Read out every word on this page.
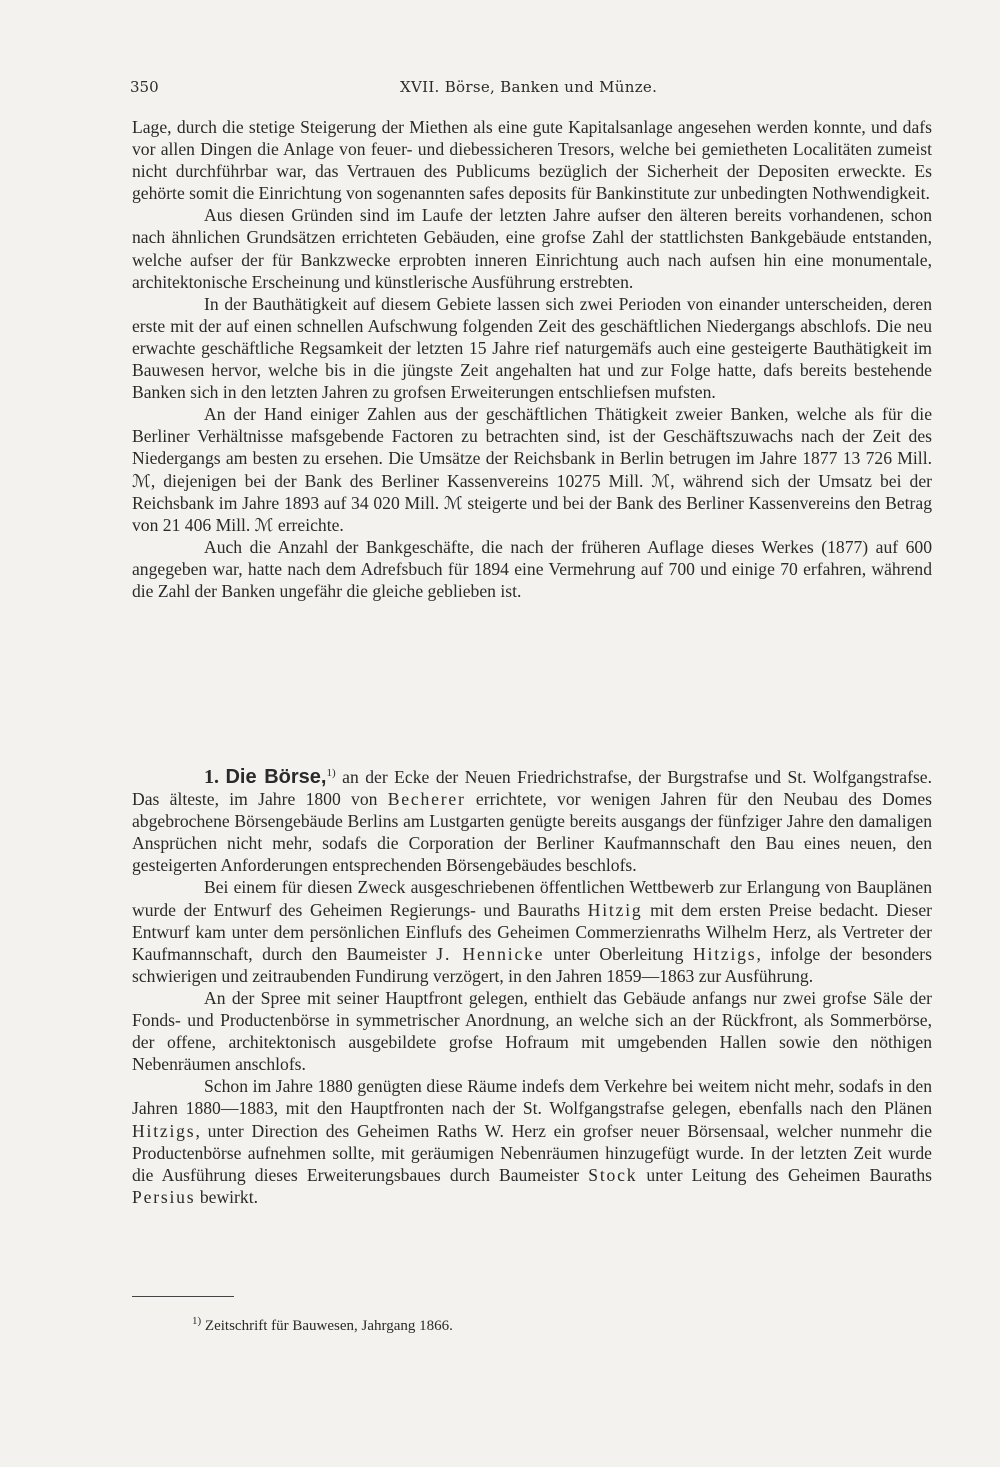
350	XVII. Börse, Banken und Münze.

Lage, durch die stetige Steigerung der Miethen als eine gute Kapitalsanlage angesehen werden konnte, und dafs vor allen Dingen die Anlage von feuer- und diebessicheren Tresors, welche bei gemietheten Localitäten zumeist nicht durchführbar war, das Vertrauen des Publicums bezüglich der Sicherheit der Depositen erweckte. Es gehörte somit die Einrichtung von sogenannten safes deposits für Bankinstitute zur unbedingten Nothwendigkeit.

Aus diesen Gründen sind im Laufe der letzten Jahre aufser den älteren bereits vorhandenen, schon nach ähnlichen Grundsätzen errichteten Gebäuden, eine grofse Zahl der stattlichsten Bankgebäude entstanden, welche aufser der für Bankzwecke erprobten inneren Einrichtung auch nach aufsen hin eine monumentale, architektonische Erscheinung und künstlerische Ausführung erstrebten.

In der Bauthätigkeit auf diesem Gebiete lassen sich zwei Perioden von einander unterscheiden, deren erste mit der auf einen schnellen Aufschwung folgenden Zeit des geschäftlichen Niedergangs abschlofs. Die neu erwachte geschäftliche Regsamkeit der letzten 15 Jahre rief naturgemäfs auch eine gesteigerte Bauthätigkeit im Bauwesen hervor, welche bis in die jüngste Zeit angehalten hat und zur Folge hatte, dafs bereits bestehende Banken sich in den letzten Jahren zu grofsen Erweiterungen entschliefsen mufsten.

An der Hand einiger Zahlen aus der geschäftlichen Thätigkeit zweier Banken, welche als für die Berliner Verhältnisse mafsgebende Factoren zu betrachten sind, ist der Geschäftszuwachs nach der Zeit des Niedergangs am besten zu ersehen. Die Umsätze der Reichsbank in Berlin betrugen im Jahre 1877 13 726 Mill. ℳ, diejenigen bei der Bank des Berliner Kassenvereins 10275 Mill. ℳ, während sich der Umsatz bei der Reichsbank im Jahre 1893 auf 34 020 Mill. ℳ steigerte und bei der Bank des Berliner Kassenvereins den Betrag von 21 406 Mill. ℳ erreichte.

Auch die Anzahl der Bankgeschäfte, die nach der früheren Auflage dieses Werkes (1877) auf 600 angegeben war, hatte nach dem Adrefsbuch für 1894 eine Vermehrung auf 700 und einige 70 erfahren, während die Zahl der Banken ungefähr die gleiche geblieben ist.

1. Die Börse,$^{1)}$ an der Ecke der Neuen Friedrichstrafse, der Burgstrafse und St. Wolfgangstrafse. Das älteste, im Jahre 1800 von Becherer errichtete, vor wenigen Jahren für den Neubau des Domes abgebrochene Börsengebäude Berlins am Lustgarten genügte bereits ausgangs der fünfziger Jahre den damaligen Ansprüchen nicht mehr, sodafs die Corporation der Berliner Kaufmannschaft den Bau eines neuen, den gesteigerten Anforderungen entsprechenden Börsengebäudes beschlofs.

Bei einem für diesen Zweck ausgeschriebenen öffentlichen Wettbewerb zur Erlangung von Bauplänen wurde der Entwurf des Geheimen Regierungs- und Bauraths Hitzig mit dem ersten Preise bedacht. Dieser Entwurf kam unter dem persönlichen Einflufs des Geheimen Commerzienraths Wilhelm Herz, als Vertreter der Kaufmannschaft, durch den Baumeister J. Hennicke unter Oberleitung Hitzigs, infolge der besonders schwierigen und zeitraubenden Fundirung verzögert, in den Jahren 1859—1863 zur Ausführung.

An der Spree mit seiner Hauptfront gelegen, enthielt das Gebäude anfangs nur zwei grofse Säle der Fonds- und Productenbörse in symmetrischer Anordnung, an welche sich an der Rückfront, als Sommerbörse, der offene, architektonisch ausgebildete grofse Hofraum mit umgebenden Hallen sowie den nöthigen Nebenräumen anschlofs.

Schon im Jahre 1880 genügten diese Räume indefs dem Verkehre bei weitem nicht mehr, sodafs in den Jahren 1880—1883, mit den Hauptfronten nach der St. Wolfgangstrafse gelegen, ebenfalls nach den Plänen Hitzigs, unter Direction des Geheimen Raths W. Herz ein grofser neuer Börsensaal, welcher nunmehr die Productenbörse aufnehmen sollte, mit geräumigen Nebenräumen hinzugefügt wurde. In der letzten Zeit wurde die Ausführung dieses Erweiterungsbaues durch Baumeister Stock unter Leitung des Geheimen Bauraths Persius bewirkt.

$^{1)}$ Zeitschrift für Bauwesen, Jahrgang 1866.
